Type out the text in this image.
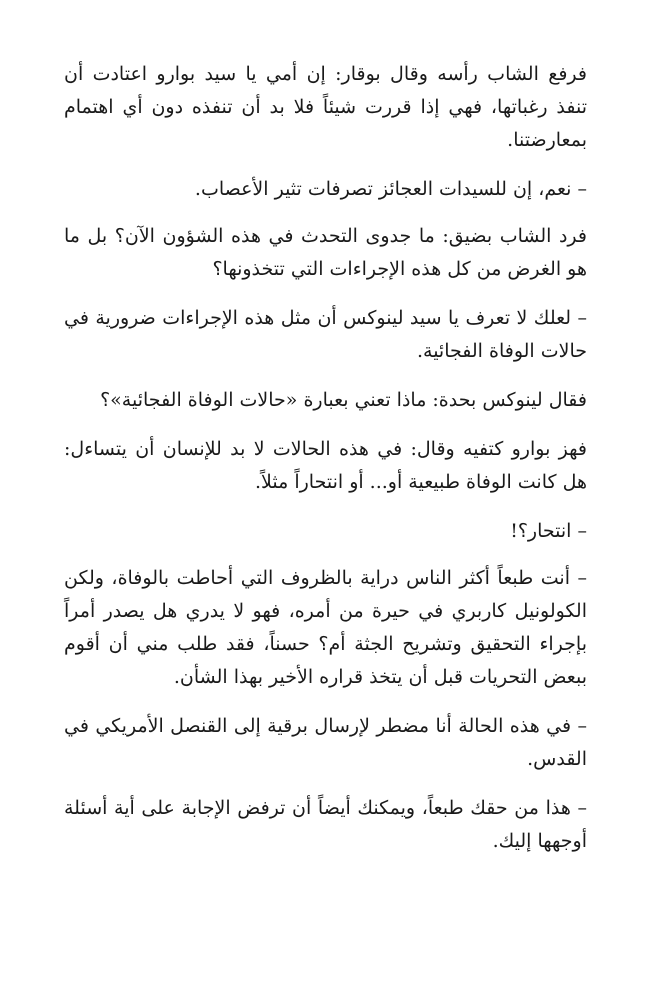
فرفع الشاب رأسه وقال بوقار: إن أمي يا سيد بوارو اعتادت أن تنفذ رغباتها، فهي إذا قررت شيئاً فلا بد أن تنفذه دون أي اهتمام بمعارضتنا.

– نعم، إن للسيدات العجائز تصرفات تثير الأعصاب.

فرد الشاب بضيق: ما جدوى التحدث في هذه الشؤون الآن؟ بل ما هو الغرض من كل هذه الإجراءات التي تتخذونها؟

– لعلك لا تعرف يا سيد لينوكس أن مثل هذه الإجراءات ضرورية في حالات الوفاة الفجائية.

فقال لينوكس بحدة: ماذا تعني بعبارة «حالات الوفاة الفجائية»؟

فهز بوارو كتفيه وقال: في هذه الحالات لا بد للإنسان أن يتساءل: هل كانت الوفاة طبيعية أو... أو انتحاراً مثلاً.

– انتحار؟!

– أنت طبعاً أكثر الناس دراية بالظروف التي أحاطت بالوفاة، ولكن الكولونيل كاربري في حيرة من أمره، فهو لا يدري هل يصدر أمراً بإجراء التحقيق وتشريح الجثة أم؟ حسناً، فقد طلب مني أن أقوم ببعض التحريات قبل أن يتخذ قراره الأخير بهذا الشأن.

– في هذه الحالة أنا مضطر لإرسال برقية إلى القنصل الأمريكي في القدس.

– هذا من حقك طبعاً، ويمكنك أيضاً أن ترفض الإجابة على أية أسئلة أوجهها إليك.
